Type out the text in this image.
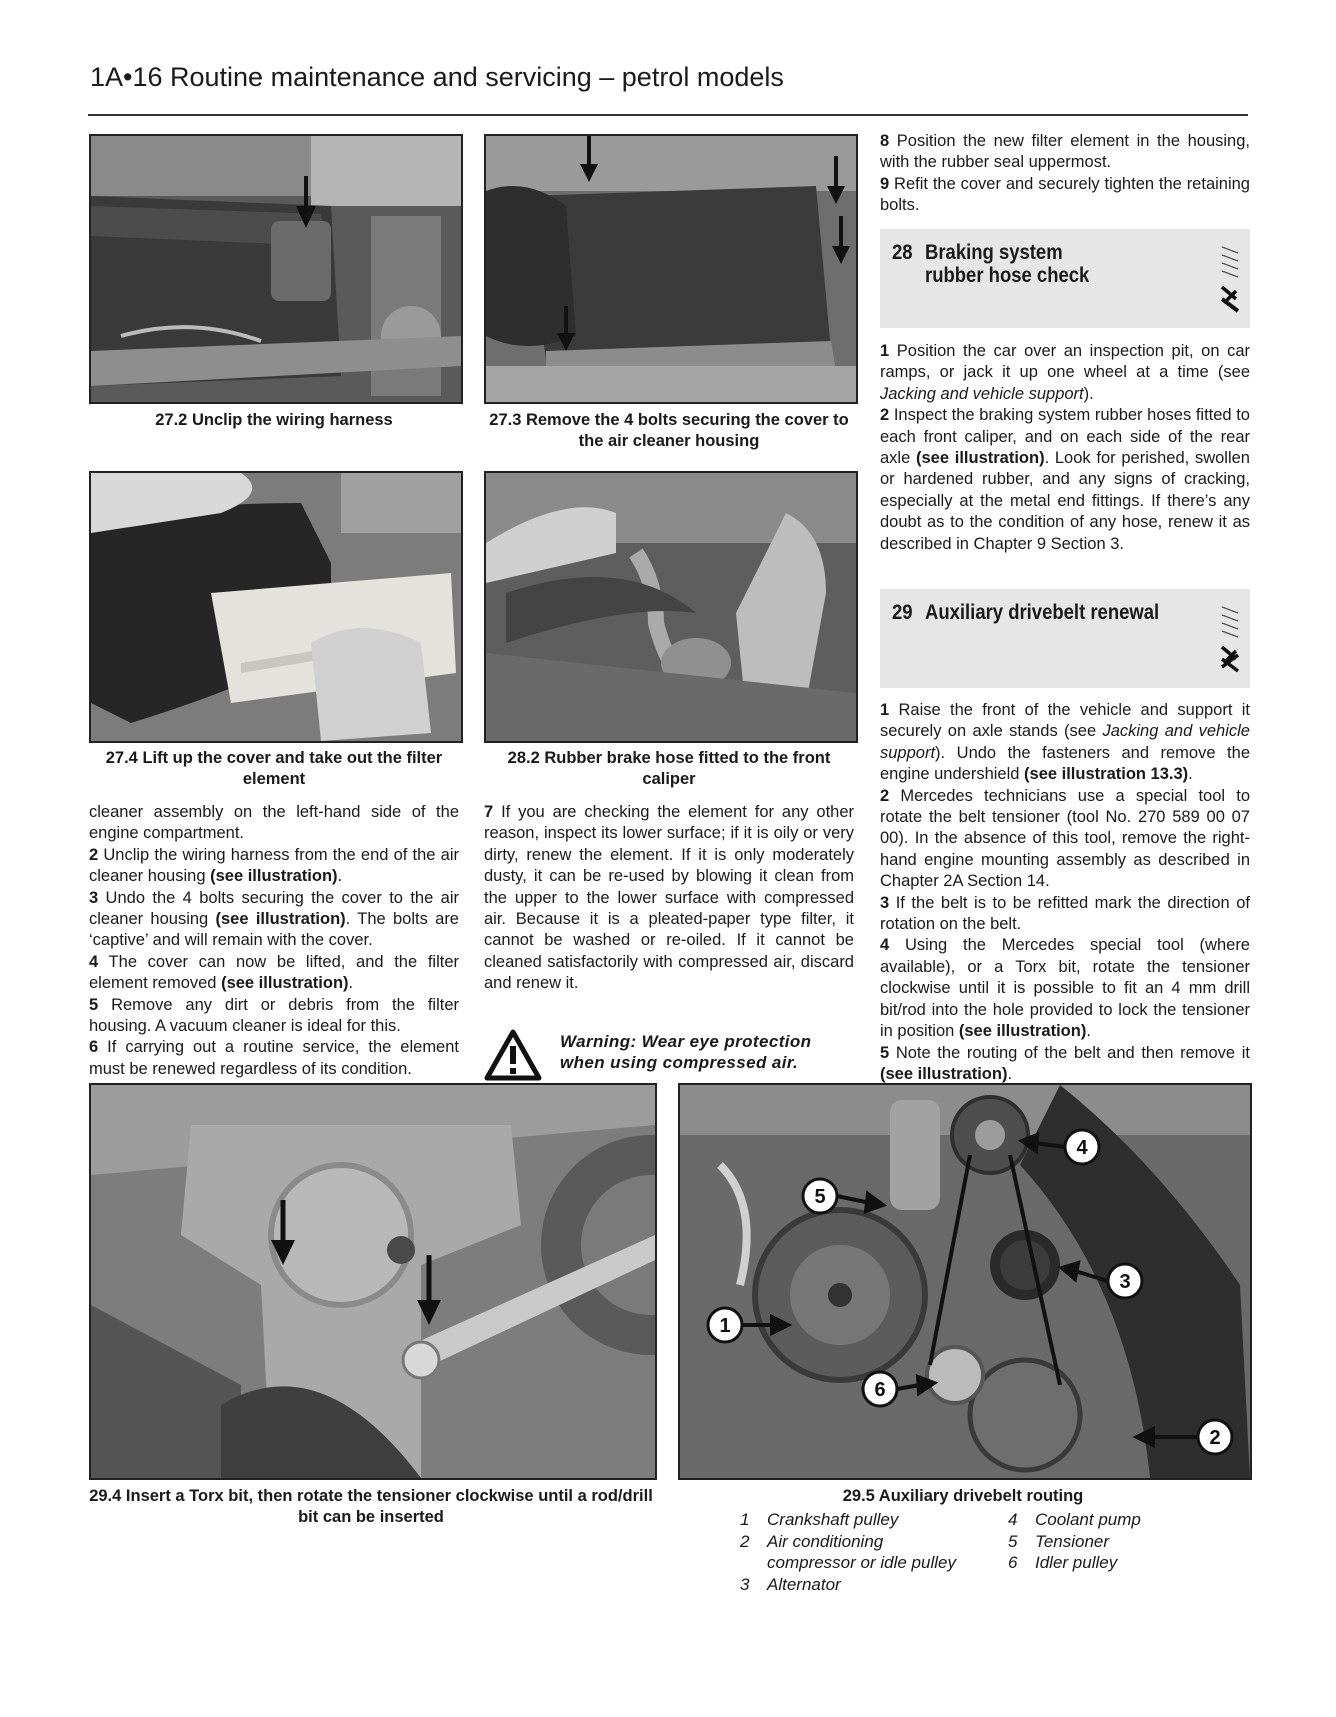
1A•16 Routine maintenance and servicing – petrol models
27.2 Unclip the wiring harness	27.3 Remove the 4 bolts securing the cover to the air cleaner housing
27.4 Lift up the cover and take out the filter element
28.2 Rubber brake hose fitted to the front caliper

cleaner assembly on the left-hand side of the engine compartment.

2 Unclip the wiring harness from the end of the air cleaner housing (see illustration).

3 Undo the 4 bolts securing the cover to the air cleaner housing (see illustration). The bolts are ‘captive’ and will remain with the cover.

4 The cover can now be lifted, and the filter element removed (see illustration).

5 Remove any dirt or debris from the filter housing. A vacuum cleaner is ideal for this.

6 If carrying out a routine service, the element must be renewed regardless of its condition.

7 If you are checking the element for any other reason, inspect its lower surface; if it is oily or very dirty, renew the element. If it is only moderately dusty, it can be re-used by blowing it clean from the upper to the lower surface with compressed air. Because it is a pleated-paper type filter, it cannot be washed or re-oiled. If it cannot be cleaned satisfactorily with compressed air, discard and renew it.

Warning: Wear eye protection when using compressed air.

8 Position the new filter element in the housing, with the rubber seal uppermost.

9 Refit the cover and securely tighten the retaining bolts.

28 Braking system
rubber hose check

1 Position the car over an inspection pit, on car ramps, or jack it up one wheel at a time (see Jacking and vehicle support).

2 Inspect the braking system rubber hoses fitted to each front caliper, and on each side of the rear axle (see illustration). Look for perished, swollen or hardened rubber, and any signs of cracking, especially at the metal end fittings. If there’s any doubt as to the condition of any hose, renew it as described in Chapter 9 Section 3.

29 Auxiliary drivebelt renewal

1 Raise the front of the vehicle and support it securely on axle stands (see Jacking and vehicle support). Undo the fasteners and remove the engine undershield (see illustration 13.3).

2 Mercedes technicians use a special tool to rotate the belt tensioner (tool No. 270 589 00 07 00). In the absence of this tool, remove the right-hand engine mounting assembly as described in Chapter 2A Section 14.

3 If the belt is to be refitted mark the direction of rotation on the belt.

4 Using the Mercedes special tool (where available), or a Torx bit, rotate the tensioner clockwise until it is possible to fit an 4 mm drill bit/rod into the hole provided to lock the tensioner in position (see illustration).

5 Note the routing of the belt and then remove it (see illustration).

29.4 Insert a Torx bit, then rotate the tensioner clockwise until a rod/drill bit can be inserted
1
2
3
4
5
6
29.5 Auxiliary drivebelt routing
1 Crankshaft pulley
2 Air conditioning
compressor or idle pulley
3 Alternator
4 Coolant pump
5 Tensioner
6 Idler pulley
